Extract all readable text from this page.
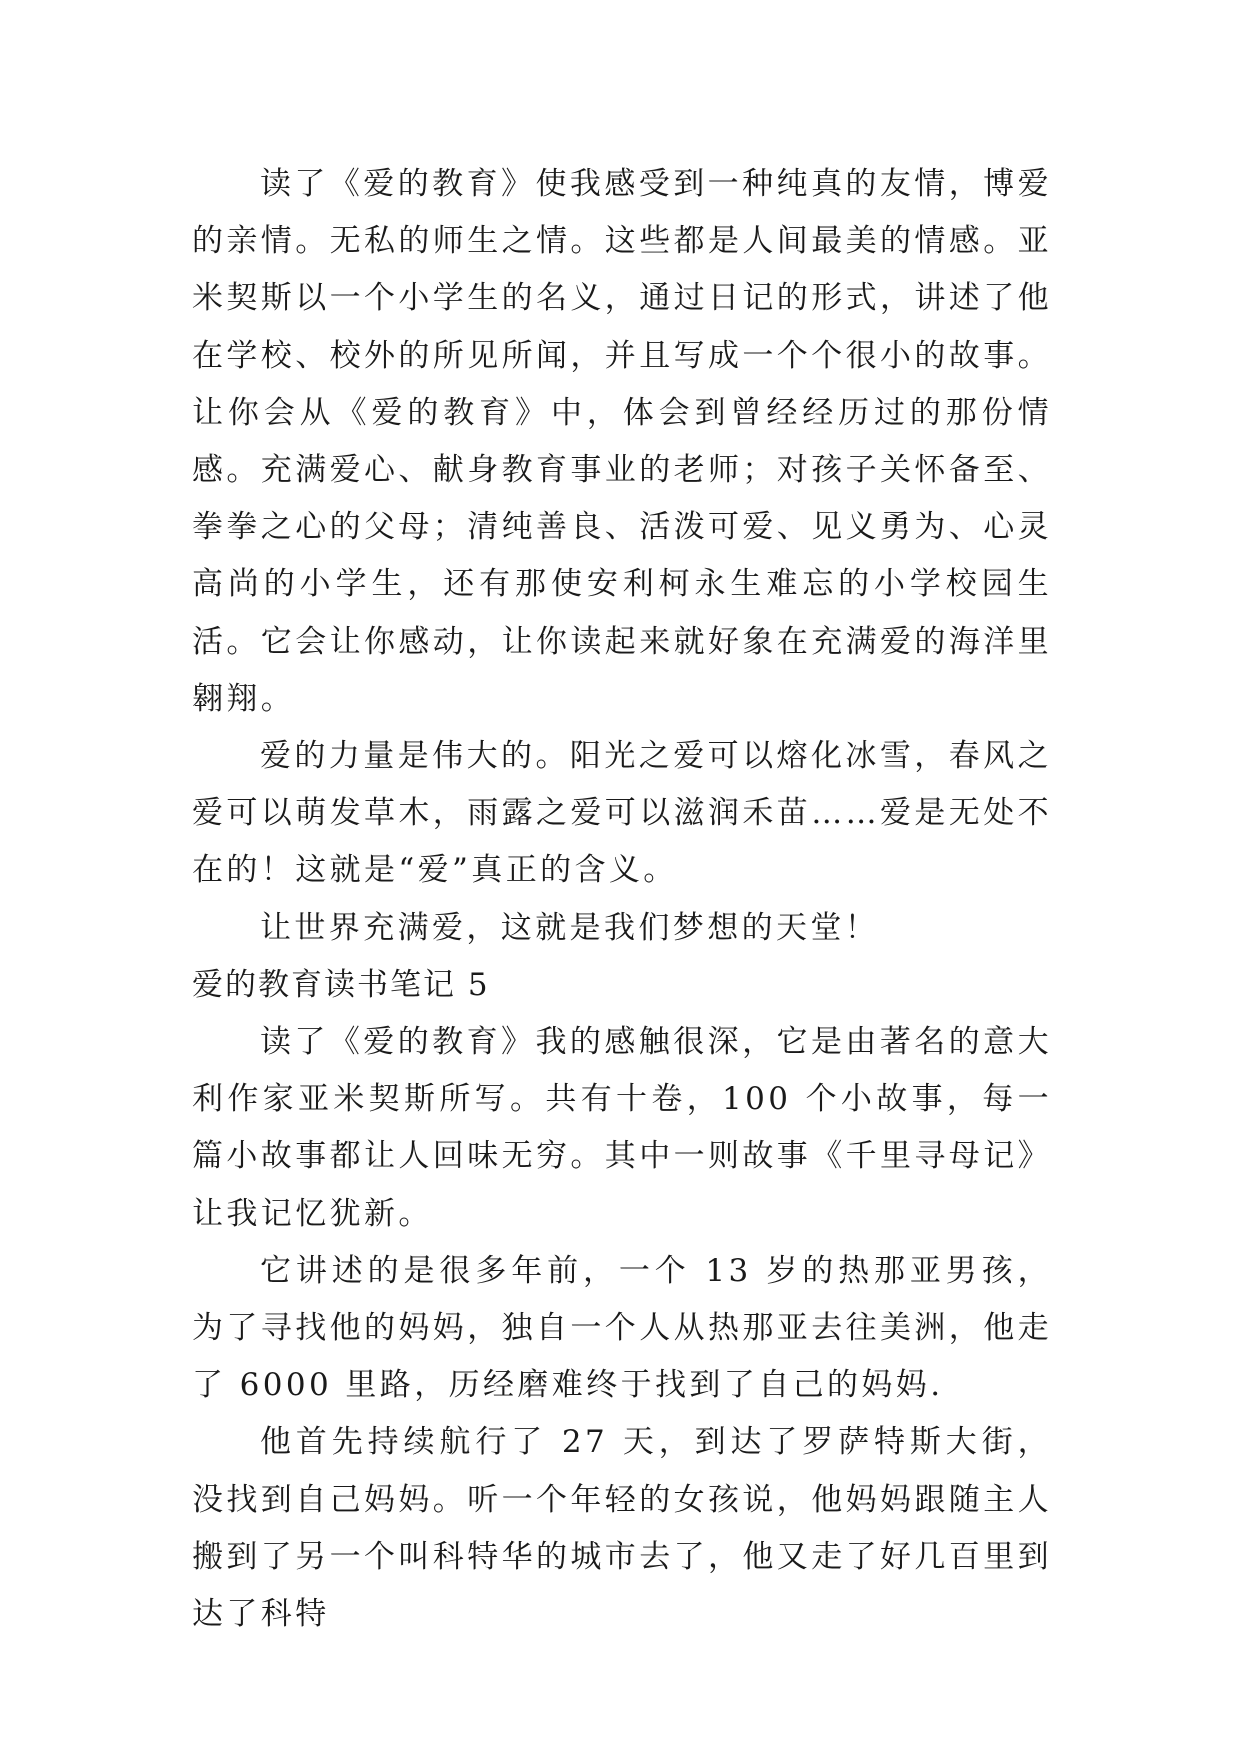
读了《爱的教育》使我感受到一种纯真的友情，博爱的亲情。无私的师生之情。这些都是人间最美的情感。亚米契斯以一个小学生的名义，通过日记的形式，讲述了他在学校、校外的所见所闻，并且写成一个个很小的故事。让你会从《爱的教育》中，体会到曾经经历过的那份情感。充满爱心、献身教育事业的老师；对孩子关怀备至、拳拳之心的父母；清纯善良、活泼可爱、见义勇为、心灵高尚的小学生，还有那使安利柯永生难忘的小学校园生活。它会让你感动，让你读起来就好象在充满爱的海洋里翱翔。

爱的力量是伟大的。阳光之爱可以熔化冰雪，春风之爱可以萌发草木，雨露之爱可以滋润禾苗……爱是无处不在的！这就是“爱”真正的含义。

让世界充满爱，这就是我们梦想的天堂！

爱的教育读书笔记 5

读了《爱的教育》我的感触很深，它是由著名的意大利作家亚米契斯所写。共有十卷，100 个小故事，每一篇小故事都让人回味无穷。其中一则故事《千里寻母记》让我记忆犹新。

它讲述的是很多年前，一个 13 岁的热那亚男孩，为了寻找他的妈妈，独自一个人从热那亚去往美洲，他走了 6000 里路，历经磨难终于找到了自己的妈妈.

他首先持续航行了 27 天，到达了罗萨特斯大街，没找到自己妈妈。听一个年轻的女孩说，他妈妈跟随主人搬到了另一个叫科特华的城市去了，他又走了好几百里到达了科特
